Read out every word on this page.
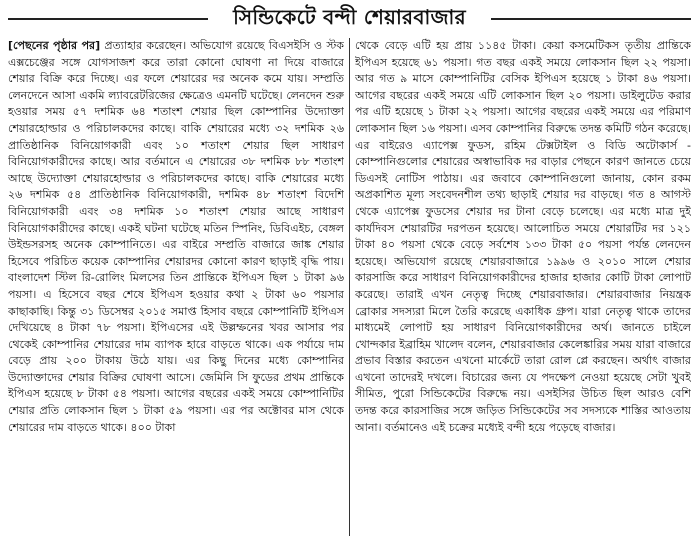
সিন্ডিকেটে বন্দী শেয়ারবাজার

[পেছনের পৃষ্ঠার পর] প্রত্যাহার করেছেন। অভিযোগ রয়েছে বিএসইসি ও স্টক এক্সচেঞ্জের সঙ্গে যোগসাজশ করে তারা কোনো ঘোষণা না দিয়ে বাজারে শেয়ার বিক্রি করে দিচ্ছে। এর ফলে শেয়ারের দর অনেক কমে যায়। সম্প্রতি লেনদেনে আসা একমি ল্যাবরেটরিজের ক্ষেত্রেও এমনটি ঘটেছে। লেনদেন শুরু হওয়ার সময় ৫৭ দশমিক ৬৪ শতাংশ শেয়ার ছিল কোম্পানির উদ্যোক্তা শেয়ারহোল্ডার ও পরিচালকদের কাছে। বাকি শেয়ারের মধ্যে ৩২ দশমিক ২৬ প্রাতিষ্ঠানিক বিনিয়োগকারী এবং ১০ শতাংশ শেয়ার ছিল সাধারণ বিনিয়োগকারীদের কাছে। আর বর্তমানে এ শেয়ারের ৩৮ দশমিক ৮৮ শতাংশ আছে উদ্যোক্তা শেয়ারহোল্ডার ও পরিচালকদের কাছে। বাকি শেয়ারের মধ্যে ২৬ দশমিক ৫৪ প্রাতিষ্ঠানিক বিনিয়োগকারী, দশমিক ৪৮ শতাংশ বিদেশি বিনিয়োগকারী এবং ৩৪ দশমিক ১০ শতাংশ শেয়ার আছে সাধারণ বিনিয়োগকারীদের কাছে। একই ঘটনা ঘটেছে মতিন স্পিনিং, ডিবিএইচ, বেঙ্গল উইন্ডসরসহ অনেক কোম্পানিতে। এর বাইরে সম্প্রতি বাজারে জাঙ্ক শেয়ার হিসেবে পরিচিত কয়েক কোম্পানির শেয়ারদর কোনো কারণ ছাড়াই বৃদ্ধি পায়। বাংলাদেশ স্টিল রি-রোলিং মিলসের তিন প্রান্তিকে ইপিএস ছিল ১ টাকা ৯৬ পয়সা। এ হিসেবে বছর শেষে ইপিএস হওয়ার কথা ২ টাকা ৬০ পয়সার কাছাকাছি। কিন্তু ৩১ ডিসেম্বর ২০১৫ সমাপ্ত হিসাব বছরে কোম্পানিটি ইপিএস দেখিয়েছে ৪ টাকা ৭৮ পয়সা। ইপিএসের এই উল্লম্ফনের খবর আসার পর থেকেই কোম্পানির শেয়ারের দাম ব্যাপক হারে বাড়তে থাকে। এক পর্যায়ে দাম বেড়ে প্রায় ২০০ টাকায় উঠে যায়। এর কিছু দিনের মধ্যে কোম্পানির উদ্যোক্তাদের শেয়ার বিক্রির ঘোষণা আসে। জেমিনি সি ফুডের প্রথম প্রান্তিকে ইপিএস হয়েছে ৮ টাকা ৫৪ পয়সা। আগের বছরের একই সময়ে কোম্পানিটির শেয়ার প্রতি লোকসান ছিল ১ টাকা ৫৯ পয়সা। এর পর অক্টোবর মাস থেকে শেয়ারের দাম বাড়তে থাকে। ৪০০ টাকা

থেকে বেড়ে এটি হয় প্রায় ১১৪৫ টাকা। কেয়া কসমেটিকস তৃতীয় প্রান্তিকে ইপিএস হয়েছে ৬১ পয়সা। গত বছর একই সময়ে লোকসান ছিল ২২ পয়সা। আর গত ৯ মাসে কোম্পানিটির বেসিক ইপিএস হয়েছে ১ টাকা ৪৬ পয়সা। আগের বছরের একই সময়ে এটি লোকসান ছিল ২০ পয়সা। ডাইলুটেড করার পর এটি হয়েছে ১ টাকা ২২ পয়সা। আগের বছরের একই সময়ে এর পরিমাণ লোকসান ছিল ১৬ পয়সা। এসব কোম্পানির বিরুদ্ধে তদন্ত কমিটি গঠন করেছে। এর বাইরেও এ্যাপেক্স ফুডস, রহিম টেক্সটাইল ও বিডি অটোকার্স - কোম্পানিগুলোর শেয়ারের অস্বাভাবিক দর বাড়ার পেছনে কারণ জানতে চেয়ে ডিএসই নোটিস পাঠায়। এর জবাবে কোম্পানিগুলো জানায়, কোন রকম অপ্রকাশিত মূল্য সংবেদনশীল তথ্য ছাড়াই শেয়ার দর বাড়ছে। গত ৪ আগস্ট থেকে এ্যাপেক্স ফুডসের শেয়ার দর টানা বেড়ে চলেছে। এর মধ্যে মাত্র দুই কার্যদিবস শেয়ারটির দরপতন হয়েছে। আলোচিত সময়ে শেয়ারটির দর ১২১ টাকা ৪০ পয়সা থেকে বেড়ে সর্বশেষ ১৩৩ টাকা ৫০ পয়সা পর্যন্ত লেনদেন হয়েছে। অভিযোগ রয়েছে শেয়ারবাজারে ১৯৯৬ ও ২০১০ সালে শেয়ার কারসাজি করে সাধারণ বিনিয়োগকারীদের হাজার হাজার কোটি টাকা লোপাট করেছে। তারাই এখন নেতৃত্ব দিচ্ছে শেয়ারবাজার। শেয়ারবাজার নিয়ন্ত্রক ব্রোকার সদস্যরা মিলে তৈরি করেছে একাধিক গ্রুপ। যারা নেতৃত্ব থাকে তাদের মাধ্যমেই লোপাট হয় সাধারণ বিনিয়োগকারীদের অর্থ। জানতে চাইলে খোন্দকার ইব্রাহিম খালেদ বলেন, শেয়ারবাজার কেলেঙ্কারির সময় যারা বাজারে প্রভাব বিস্তার করতেন এখনো মার্কেটে তারা রোল প্লে করছেন। অর্থাৎ বাজার এখনো তাদেরই দখলে। বিচারের জন্য যে পদক্ষেপ নেওয়া হয়েছে সেটা খুবই সীমিত, পুরো সিন্ডিকেটের বিরুদ্ধে নয়। এসইসির উচিত ছিল আরও বেশি তদন্ত করে কারসাজির সঙ্গে জড়িত সিন্ডিকেটের সব সদস্যকে শাস্তির আওতায় আনা। বর্তমানেও এই চক্রের মধ্যেই বন্দী হয়ে পড়েছে বাজার।
